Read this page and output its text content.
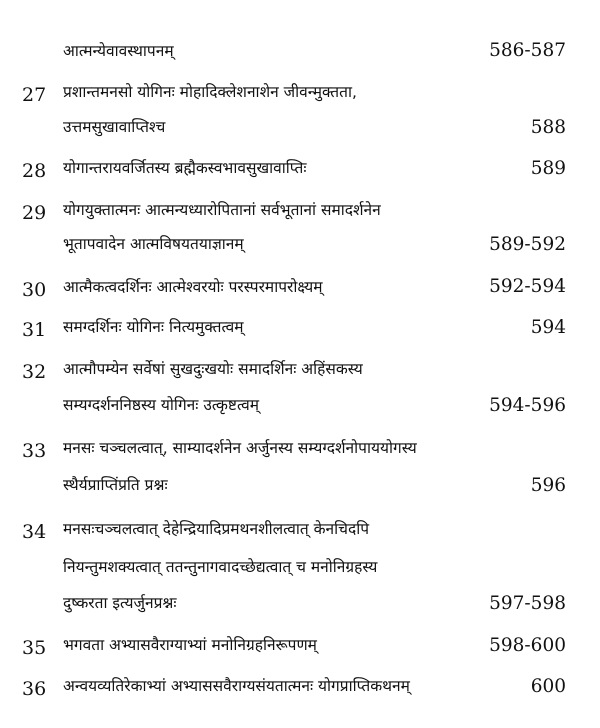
आत्मन्येवावस्थापनम्	586-587
27	प्रशान्तमनसो योगिनः मोहादिक्लेशनाशेन जीवन्मुक्तता,
उत्तमसुखावाप्तिश्च	588
28	योगान्तरायवर्जितस्य ब्रह्मैकस्वभावसुखावाप्तिः	589
29	योगयुक्तात्मनः आत्मन्यध्यारोपितानां सर्वभूतानां समादर्शनेन
भूतापवादेन आत्मविषयतयाज्ञानम्	589-592
30	आत्मैकत्वदर्शिनः आत्मेश्वरयोः परस्परमापरोक्ष्यम्	592-594
31	समग्दर्शिनः योगिनः नित्यमुक्तत्वम्	594
32	आत्मौपम्येन सर्वेषां सुखदुःखयोः समादर्शिनः अहिंसकस्य
सम्यग्दर्शननिष्ठस्य योगिनः उत्कृष्टत्वम्	594-596
33	मनसः चञ्चलत्वात्, साम्यादर्शनेन अर्जुनस्य सम्यग्दर्शनोपाययोगस्य
स्थैर्यप्राप्तिंप्रति प्रश्नः	596
34	मनसःचञ्चलत्वात् देहेन्द्रियादिप्रमथनशीलत्वात् केनचिदपि
नियन्तुमशक्यत्वात् ततन्तुनागवादच्छेद्यत्वात् च मनोनिग्रहस्य
दुष्करता इत्यर्जुनप्रश्नः	597-598
35	भगवता अभ्यासवैराग्याभ्यां मनोनिग्रहनिरूपणम्	598-600
36	अन्वयव्यतिरेकाभ्यां अभ्याससवैराग्यसंयतात्मनः योगप्राप्तिकथनम्	600
